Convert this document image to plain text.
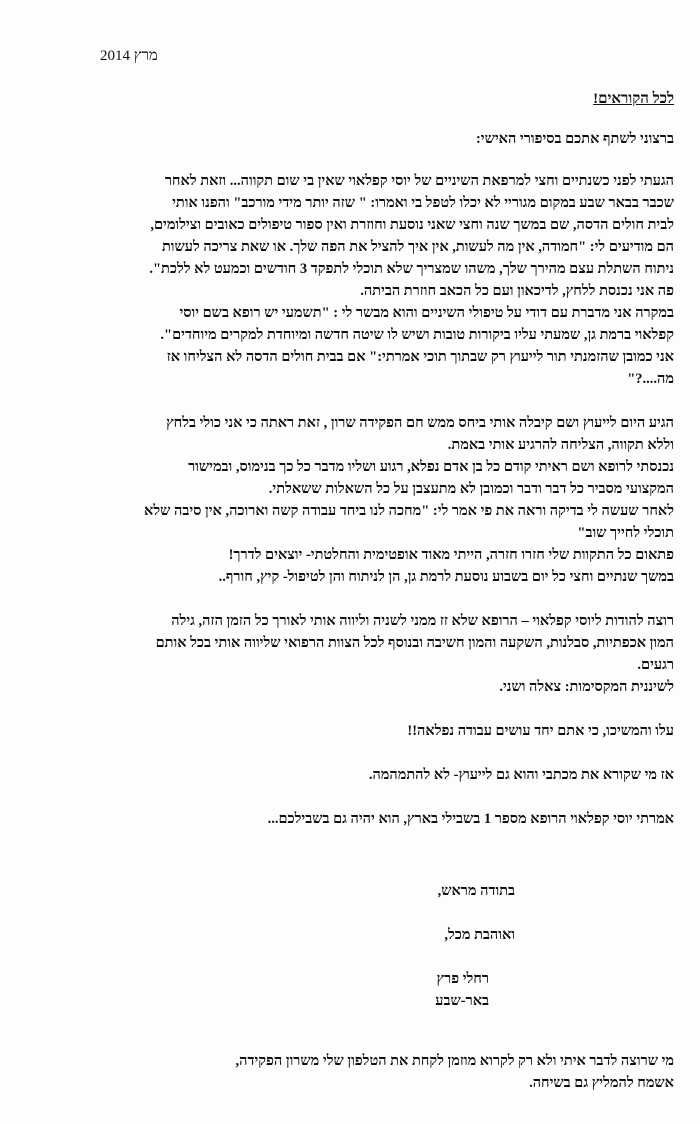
מרץ 2014
לכל הקוראים!
ברצוני לשתף אתכם בסיפורי האישי:
הגעתי לפני כשנתיים וחצי למרפאת השיניים של יוסי קפלאוי שאין בי שום תקווה... וזאת לאחר
שכבר בבאר שבע במקום מגוריי לא יכלו לטפל בי ואמרו: " שזה יותר מידי מורכב" והפנו אותי
לבית חולים הדסה, שם במשך שנה וחצי שאני נוסעת וחוזרת ואין ספור טיפולים כאובים וצילומים,
הם מודיעים לי: "חמודה, אין מה לעשות, אין איך להציל את הפה שלך. או שאת צריכה לעשות
ניתוח השתלת עצם מהירך שלך, משהו שמצריך שלא תוכלי לתפקד 3 חודשים וכמעט לא ללכת".
פה אני נכנסת ללחץ, לדיכאון ועם כל הכאב חוזרת הביתה.
במקרה אני מדברת עם דודי על טיפולי השיניים והוא מבשר לי : "תשמעי יש רופא בשם יוסי
קפלאוי ברמת גן, שמעתי עליו ביקורות טובות ושיש לו שיטה חדשה ומיוחדת למקרים מיוחדים".
אני כמובן שהזמנתי תור לייעוץ רק שבתוך תוכי אמרתי:" אם בבית חולים הדסה לא הצליחו אז
מה....?"
הגיע היום לייעוץ ושם קיבלה אותי ביחס ממש חם הפקידה שרון , זאת ראתה כי אני כולי בלחץ
וללא תקווה, הצליחה להרגיע אותי באמת.
נכנסתי לרופא ושם ראיתי קודם כל בן אדם נפלא, רגוע ושליו מדבר כל כך בנימוס, ובמישור
המקצועי מסביר כל דבר ודבר וכמובן לא מתעצבן על כל השאלות ששאלתי.
לאחר שעשה לי בדיקה וראה את פי אמר לי: "מחכה לנו ביחד עבודה קשה וארוכה, אין סיבה שלא
תוכלי לחייך שוב"
פתאום כל התקוות שלי חזרו חזרה, הייתי מאוד אופטימית והחלטתי- יוצאים לדרך!
במשך שנתיים וחצי כל יום בשבוע נוסעת לרמת גן, הן לניתוח והן לטיפול- קיץ, חורף..
רוצה להודות ליוסי קפלאוי – הרופא שלא זז ממני לשניה וליווה אותי לאורך כל הזמן הזה, גילה
המון אכפתיות, סבלנות, השקעה והמון חשיבה ובנוסף לכל הצוות הרפואי שליווה אותי בכל אותם
רגעים.
לשיננית המקסימות: צאלה ושני.
עלו והמשיכו, כי אתם יחד עושים עבודה נפלאה!!
אז מי שקורא את מכתבי והוא גם לייעוץ- לא להתמהמה.
אמרתי יוסי קפלאוי הרופא מספר 1 בשבילי בארץ, הוא יהיה גם בשבילכם...
בתודה מראש,
ואוהבת מכל,
רחלי פרץ
באר-שבע
מי שרוצה לדבר איתי ולא רק לקרוא מוזמן לקחת את הטלפון שלי משרון הפקידה,
אשמח להמליץ גם בשיחה.
